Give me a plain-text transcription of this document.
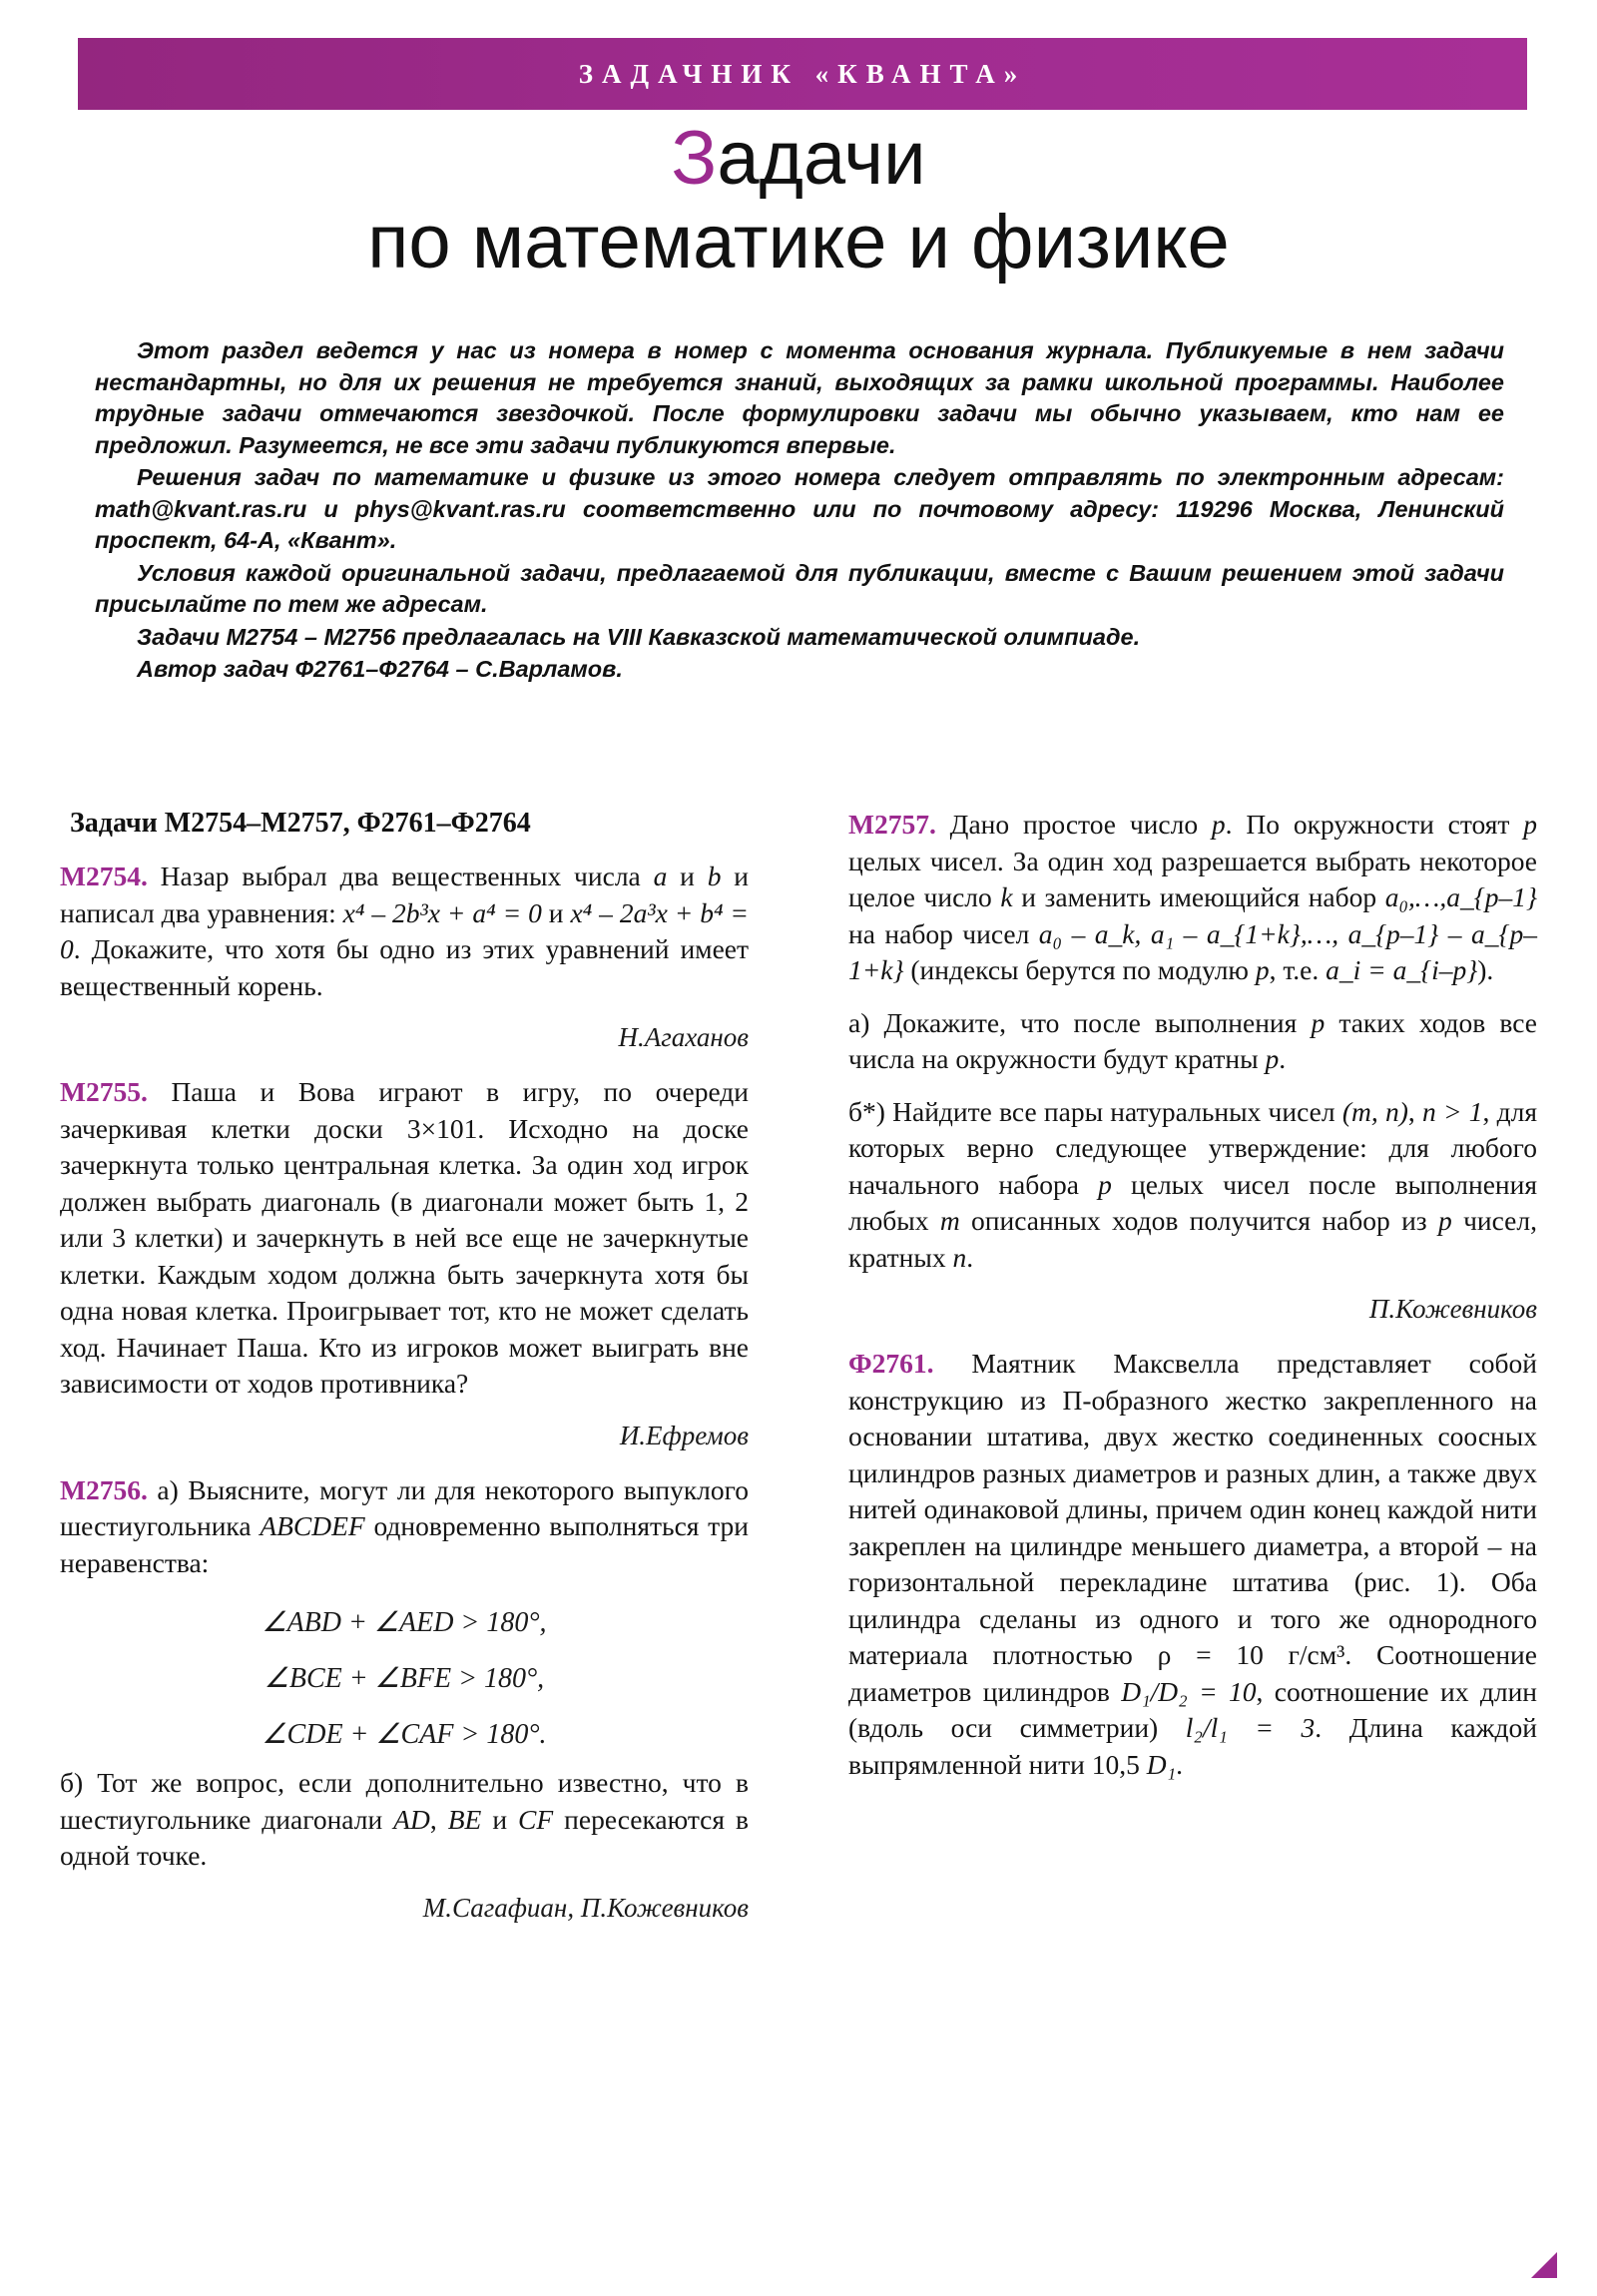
ЗАДАЧНИК «КВАНТА»
Задачи
по математике и физике

Этот раздел ведется у нас из номера в номер с момента основания журнала. Публикуемые в нем задачи нестандартны, но для их решения не требуется знаний, выходящих за рамки школьной программы. Наиболее трудные задачи отмечаются звездочкой. После формулировки задачи мы обычно указываем, кто нам ее предложил. Разумеется, не все эти задачи публикуются впервые.

Решения задач по математике и физике из этого номера следует отправлять по электронным адресам: math@kvant.ras.ru и phys@kvant.ras.ru соответственно или по почтовому адресу: 119296 Москва, Ленинский проспект, 64-А, «Квант».

Условия каждой оригинальной задачи, предлагаемой для публикации, вместе с Вашим решением этой задачи присылайте по тем же адресам.

Задачи М2754 – М2756 предлагалась на VIII Кавказской математической олимпиаде.

Автор задач Ф2761–Ф2764 – С.Варламов.

Задачи М2754–М2757, Ф2761–Ф2764

М2754. Назар выбрал два вещественных числа a и b и написал два уравнения: x⁴ – 2b³x + a⁴ = 0 и x⁴ – 2a³x + b⁴ = 0. Докажите, что хотя бы одно из этих уравнений имеет вещественный корень.

Н.Агаханов

М2755. Паша и Вова играют в игру, по очереди зачеркивая клетки доски 3×101. Исходно на доске зачеркнута только центральная клетка. За один ход игрок должен выбрать диагональ (в диагонали может быть 1, 2 или 3 клетки) и зачеркнуть в ней все еще не зачеркнутые клетки. Каждым ходом должна быть зачеркнута хотя бы одна новая клетка. Проигрывает тот, кто не может сделать ход. Начинает Паша. Кто из игроков может выиграть вне зависимости от ходов противника?

И.Ефремов

М2756. а) Выясните, могут ли для некоторого выпуклого шестиугольника ABCDEF одновременно выполняться три неравенства:

∠ABD + ∠AED > 180°,
∠BCE + ∠BFE > 180°,
∠CDE + ∠CAF > 180°.

б) Тот же вопрос, если дополнительно известно, что в шестиугольнике диагонали AD, BE и CF пересекаются в одной точке.

М.Сагафиан, П.Кожевников

М2757. Дано простое число p. По окружности стоят p целых чисел. За один ход разрешается выбрать некоторое целое число k и заменить имеющийся набор a₀,…,a_{p–1} на набор чисел a₀ – a_k, a₁ – a_{1+k},…, a_{p–1} – a_{p–1+k} (индексы берутся по модулю p, т.е. a_i = a_{i–p}).

а) Докажите, что после выполнения p таких ходов все числа на окружности будут кратны p.

б*) Найдите все пары натуральных чисел (m, n), n > 1, для которых верно следующее утверждение: для любого начального набора p целых чисел после выполнения любых m описанных ходов получится набор из p чисел, кратных n.

П.Кожевников

Ф2761. Маятник Максвелла представляет собой конструкцию из П-образного жестко закрепленного на основании штатива, двух жестко соединенных соосных цилиндров разных диаметров и разных длин, а также двух нитей одинаковой длины, причем один конец каждой нити закреплен на цилиндре меньшего диаметра, а второй – на горизонтальной перекладине штатива (рис. 1). Оба цилиндра сделаны из одного и того же однородного материала плотностью ρ = 10 г/см³. Соотношение диаметров цилиндров D₁/D₂ = 10, соотношение их длин (вдоль оси симметрии) l₂/l₁ = 3. Длина каждой выпрямленной нити 10,5 D₁.
